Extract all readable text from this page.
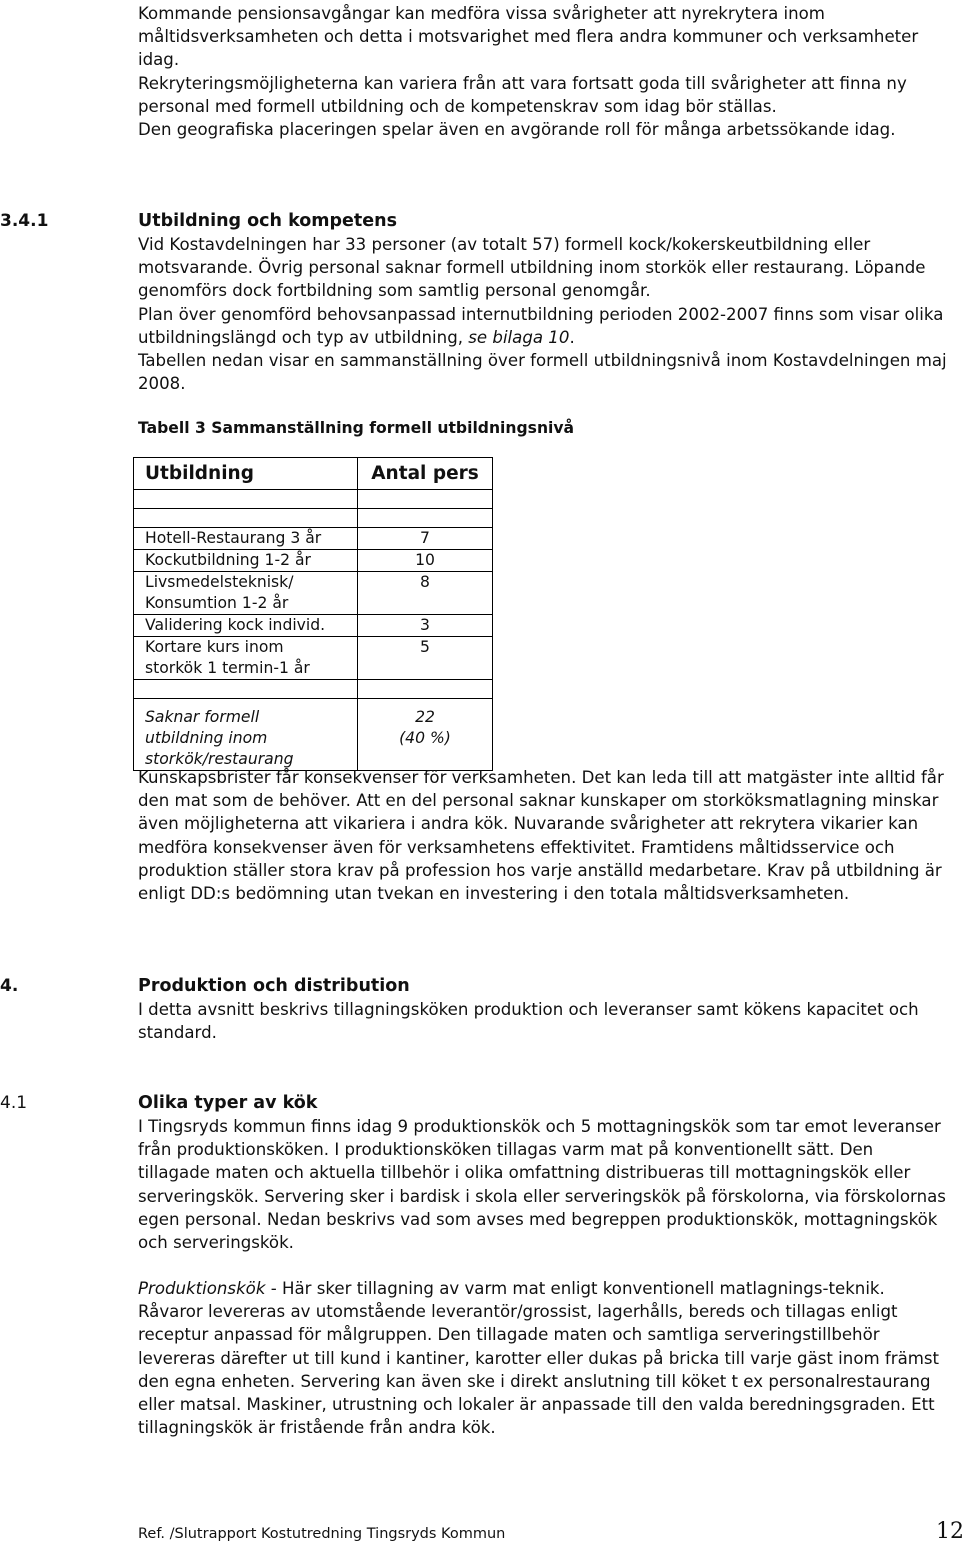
Kommande pensionsavgångar kan medföra vissa svårigheter att nyrekrytera inom måltidsverksamheten och detta i motsvarighet med flera andra kommuner och verksamheter idag.

Rekryteringsmöjligheterna kan variera från att vara fortsatt goda till svårigheter att finna ny personal med formell utbildning och de kompetenskrav som idag bör ställas.

Den geografiska placeringen spelar även en avgörande roll för många arbetssökande idag.

3.4.1	Utbildning och kompetens

Vid Kostavdelningen har 33 personer (av totalt 57) formell kock/kokerskeutbildning eller motsvarande. Övrig personal saknar formell utbildning inom storkök eller restaurang. Löpande genomförs dock fortbildning som samtlig personal genomgår.

Plan över genomförd behovsanpassad internutbildning perioden 2002-2007 finns som visar olika utbildningslängd och typ av utbildning, se bilaga 10.

Tabellen nedan visar en sammanställning över formell utbildningsnivå inom Kostavdelningen maj 2008.

Tabell 3 Sammanställning formell utbildningsnivå
Utbildning	Antal pers

Hotell-Restaurang 3 år	7
Kockutbildning 1-2 år	10
Livsmedelsteknisk/ Konsumtion 1-2 år	8
Validering kock individ.	3
Kortare kurs inom storkök 1 termin-1 år	5

Saknar formell utbildning inom storkök/restaurang	22
(40 %)
Kunskapsbrister får konsekvenser för verksamheten. Det kan leda till att matgäster inte alltid får den mat som de behöver. Att en del personal saknar kunskaper om storköksmatlagning minskar även möjligheterna att vikariera i andra kök. Nuvarande svårigheter att rekrytera vikarier kan medföra konsekvenser även för verksamhetens effektivitet. Framtidens måltidsservice och produktion ställer stora krav på profession hos varje anställd medarbetare. Krav på utbildning är enligt DD:s bedömning utan tvekan en investering i den totala måltidsverksamheten.
4.	Produktion och distribution
I detta avsnitt beskrivs tillagningsköken produktion och leveranser samt kökens kapacitet och standard.
4.1	Olika typer av kök
I Tingsryds kommun finns idag 9 produktionskök och 5 mottagningskök som tar emot leveranser från produktionsköken. I produktionsköken tillagas varm mat på konventionellt sätt. Den tillagade maten och aktuella tillbehör i olika omfattning distribueras till mottagningskök eller serveringskök. Servering sker i bardisk i skola eller serveringskök på förskolorna, via förskolornas egen personal. Nedan beskrivs vad som avses med begreppen produktionskök, mottagningskök och serveringskök.
Produktionskök - Här sker tillagning av varm mat enligt konventionell matlagnings-teknik. Råvaror levereras av utomstående leverantör/grossist, lagerhålls, bereds och tillagas enligt receptur anpassad för målgruppen. Den tillagade maten och samtliga serveringstillbehör levereras därefter ut till kund i kantiner, karotter eller dukas på bricka till varje gäst inom främst den egna enheten. Servering kan även ske i direkt anslutning till köket t ex personalrestaurang eller matsal. Maskiner, utrustning och lokaler är anpassade till den valda beredningsgraden. Ett tillagningskök är fristående från andra kök.
Ref. /Slutrapport Kostutredning Tingsryds Kommun	12
